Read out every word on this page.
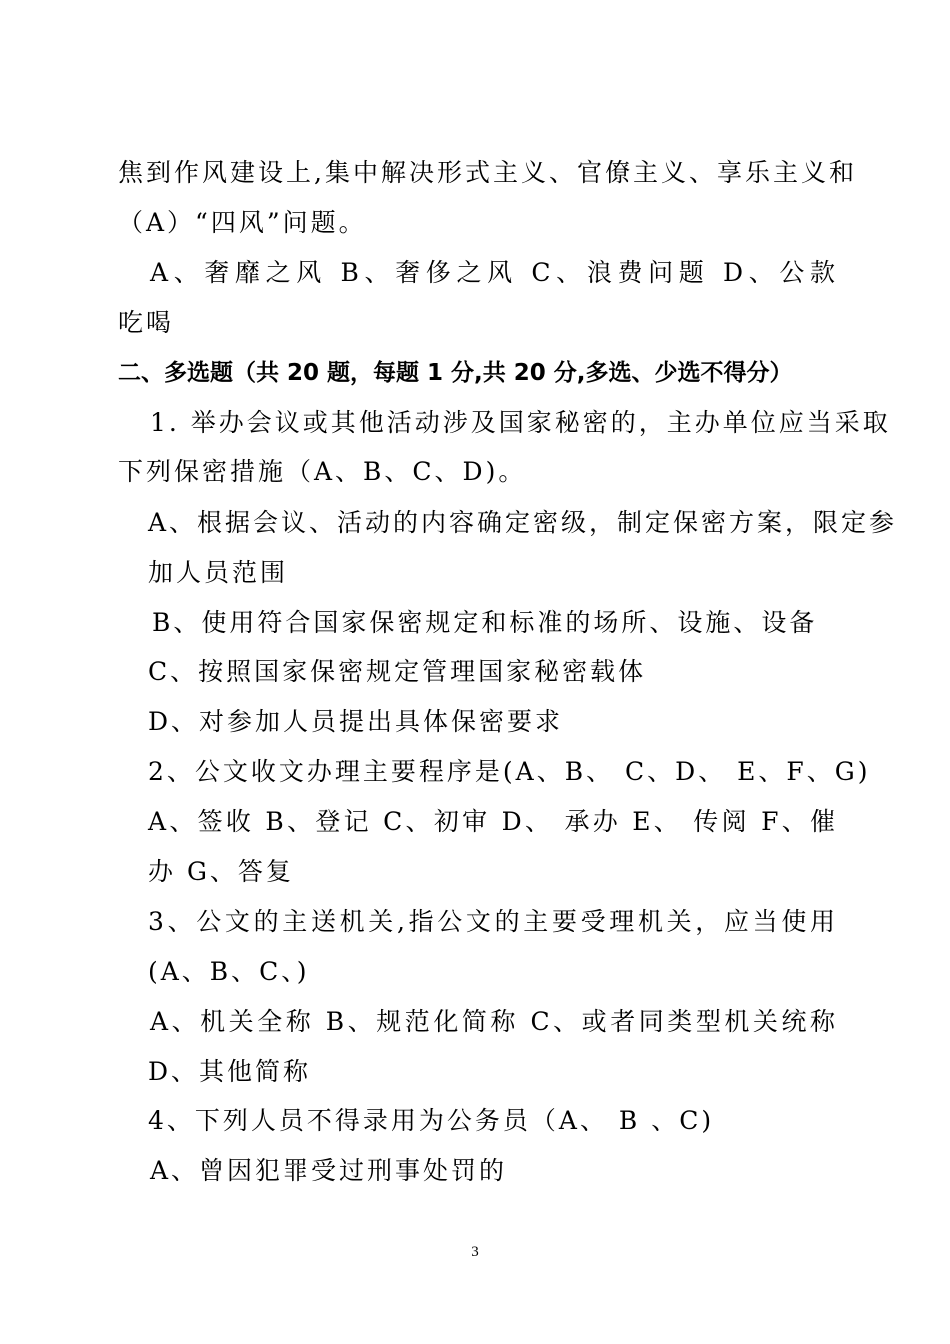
焦到作风建设上,集中解决形式主义、官僚主义、享乐主义和
（A）“四风”问题。
A、奢靡之风 B、奢侈之风 C、浪费问题 D、公款
吃喝
二、多选题（共 20 题，每题 1 分,共 20 分,多选、少选不得分）
1. 举办会议或其他活动涉及国家秘密的，主办单位应当采取
下列保密措施（A、B、C、D)。
A、根据会议、活动的内容确定密级，制定保密方案，限定参
加人员范围
B、使用符合国家保密规定和标准的场所、设施、设备
C、按照国家保密规定管理国家秘密载体
D、对参加人员提出具体保密要求
2、公文收文办理主要程序是(A、B、 C、D、 E、F、G)
A、签收 B、登记 C、初审 D、 承办 E、 传阅 F、催
办 G、答复
3、公文的主送机关,指公文的主要受理机关，应当使用
(A、B、C、)
A、机关全称 B、规范化简称 C、或者同类型机关统称
D、其他简称
4、下列人员不得录用为公务员（A、 B 、C)
A、曾因犯罪受过刑事处罚的
3
